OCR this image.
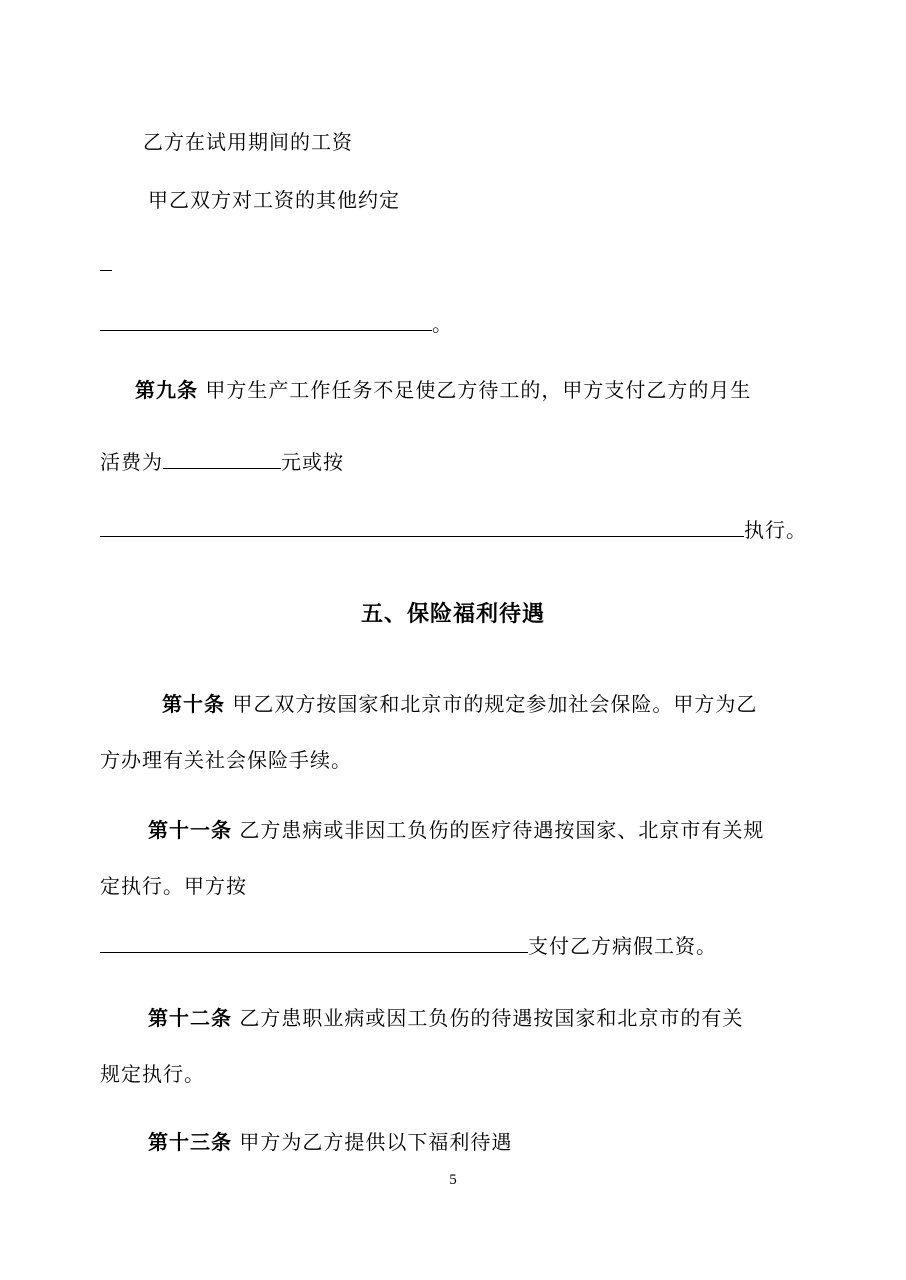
乙方在试用期间的工资
甲乙双方对工资的其他约定
。
第九条 甲方生产工作任务不足使乙方待工的，甲方支付乙方的月生
活费为	元或按
执行。
五、保险福利待遇
第十条 甲乙双方按国家和北京市的规定参加社会保险。甲方为乙
方办理有关社会保险手续。
第十一条 乙方患病或非因工负伤的医疗待遇按国家、北京市有关规
定执行。甲方按
支付乙方病假工资。
第十二条 乙方患职业病或因工负伤的待遇按国家和北京市的有关
规定执行。
第十三条 甲方为乙方提供以下福利待遇
5
